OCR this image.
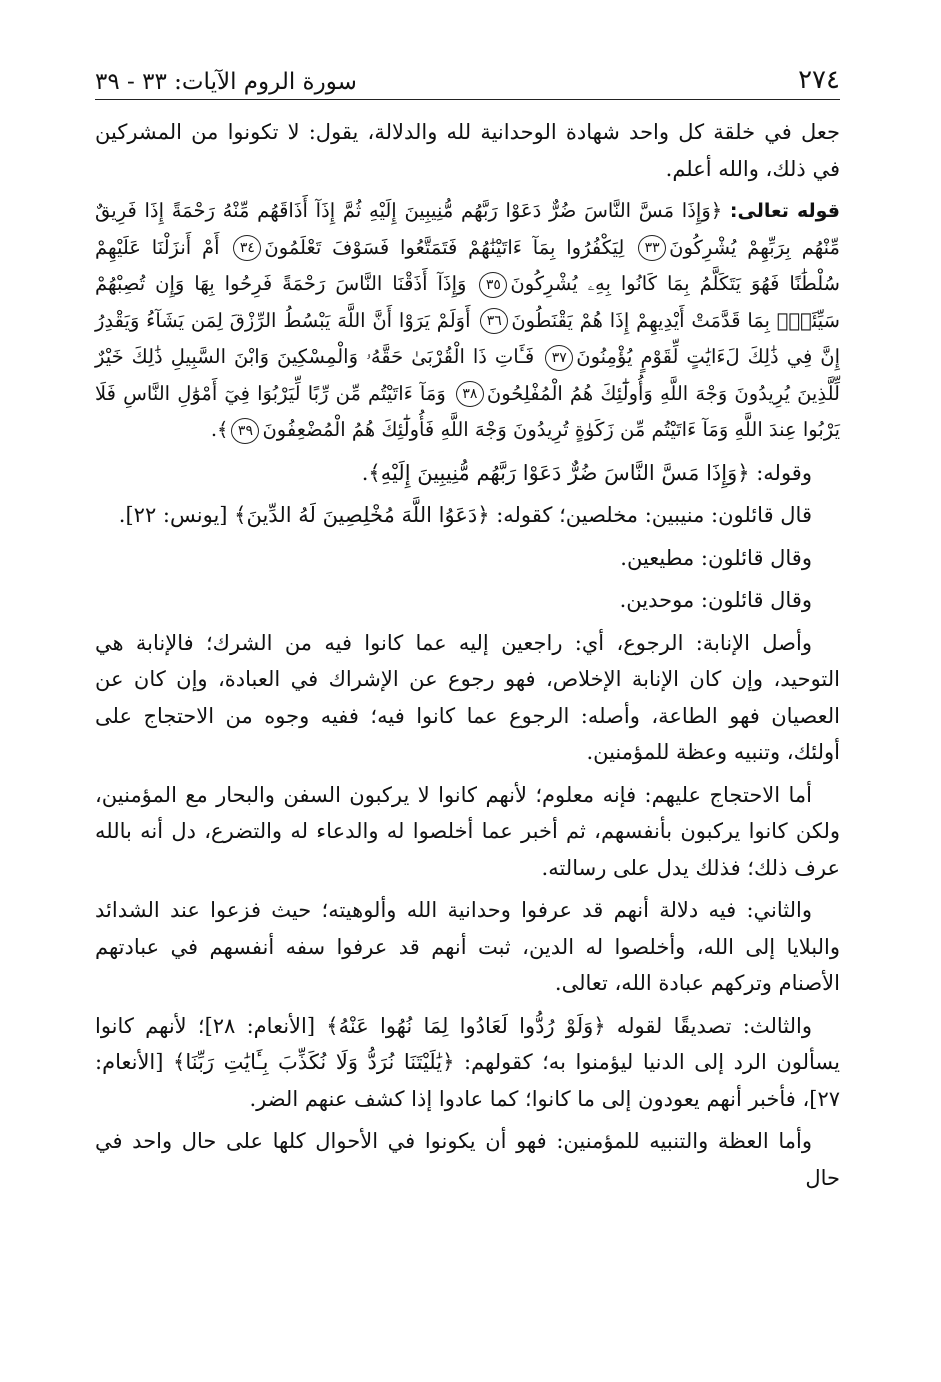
٢٧٤
سورة الروم الآيات: ٣٣ - ٣٩

جعل في خلقة كل واحد شهادة الوحدانية لله والدلالة، يقول: لا تكونوا من المشركين في ذلك، والله أعلم.

قوله تعالى: ﴿وَإِذَا مَسَّ النَّاسَ ضُرٌّ دَعَوْا رَبَّهُم مُّنِيبِينَ إِلَيْهِ ثُمَّ إِذَآ أَذَاقَهُم مِّنْهُ رَحْمَةً إِذَا فَرِيقٌ مِّنْهُم بِرَبِّهِمْ يُشْرِكُونَ٣٣ لِيَكْفُرُوا بِمَآ ءَاتَيْنَٰهُمْ فَتَمَتَّعُوا فَسَوْفَ تَعْلَمُونَ٣٤ أَمْ أَنزَلْنَا عَلَيْهِمْ سُلْطَٰنًا فَهُوَ يَتَكَلَّمُ بِمَا كَانُوا بِهِۦ يُشْرِكُونَ٣٥ وَإِذَآ أَذَقْنَا النَّاسَ رَحْمَةً فَرِحُوا بِهَا وَإِن تُصِبْهُمْ سَيِّئَةٌۢ بِمَا قَدَّمَتْ أَيْدِيهِمْ إِذَا هُمْ يَقْنَطُونَ٣٦ أَوَلَمْ يَرَوْا أَنَّ اللَّهَ يَبْسُطُ الرِّزْقَ لِمَن يَشَآءُ وَيَقْدِرُ إِنَّ فِي ذَٰلِكَ لَءَايَٰتٍ لِّقَوْمٍ يُؤْمِنُونَ٣٧ فَـَٔاتِ ذَا الْقُرْبَىٰ حَقَّهُۥ وَالْمِسْكِينَ وَابْنَ السَّبِيلِ ذَٰلِكَ خَيْرٌ لِّلَّذِينَ يُرِيدُونَ وَجْهَ اللَّهِ وَأُولَٰٓئِكَ هُمُ الْمُفْلِحُونَ٣٨ وَمَآ ءَاتَيْتُم مِّن رِّبًا لِّيَرْبُوَا فِيٓ أَمْوَٰلِ النَّاسِ فَلَا يَرْبُوا عِندَ اللَّهِ وَمَآ ءَاتَيْتُم مِّن زَكَوٰةٍ تُرِيدُونَ وَجْهَ اللَّهِ فَأُولَٰٓئِكَ هُمُ الْمُضْعِفُونَ٣٩﴾.

وقوله: ﴿وَإِذَا مَسَّ النَّاسَ ضُرٌّ دَعَوْا رَبَّهُم مُّنِيبِينَ إِلَيْهِ﴾.

قال قائلون: منيبين: مخلصين؛ كقوله: ﴿دَعَوُا اللَّهَ مُخْلِصِينَ لَهُ الدِّينَ﴾ [يونس: ٢٢].

وقال قائلون: مطيعين.

وقال قائلون: موحدين.

وأصل الإنابة: الرجوع، أي: راجعين إليه عما كانوا فيه من الشرك؛ فالإنابة هي التوحيد، وإن كان الإنابة الإخلاص، فهو رجوع عن الإشراك في العبادة، وإن كان عن العصيان فهو الطاعة، وأصله: الرجوع عما كانوا فيه؛ ففيه وجوه من الاحتجاج على أولئك، وتنبيه وعظة للمؤمنين.

أما الاحتجاج عليهم: فإنه معلوم؛ لأنهم كانوا لا يركبون السفن والبحار مع المؤمنين، ولكن كانوا يركبون بأنفسهم، ثم أخبر عما أخلصوا له والدعاء له والتضرع، دل أنه بالله عرف ذلك؛ فذلك يدل على رسالته.

والثاني: فيه دلالة أنهم قد عرفوا وحدانية الله وألوهيته؛ حيث فزعوا عند الشدائد والبلايا إلى الله، وأخلصوا له الدين، ثبت أنهم قد عرفوا سفه أنفسهم في عبادتهم الأصنام وتركهم عبادة الله، تعالى.

والثالث: تصديقًا لقوله ﴿وَلَوْ رُدُّوا لَعَادُوا لِمَا نُهُوا عَنْهُ﴾ [الأنعام: ٢٨]؛ لأنهم كانوا يسألون الرد إلى الدنيا ليؤمنوا به؛ كقولهم: ﴿يَٰلَيْتَنَا نُرَدُّ وَلَا نُكَذِّبَ بِـَٔايَٰتِ رَبِّنَا﴾ [الأنعام: ٢٧]، فأخبر أنهم يعودون إلى ما كانوا؛ كما عادوا إذا كشف عنهم الضر.

وأما العظة والتنبيه للمؤمنين: فهو أن يكونوا في الأحوال كلها على حال واحد في حال
